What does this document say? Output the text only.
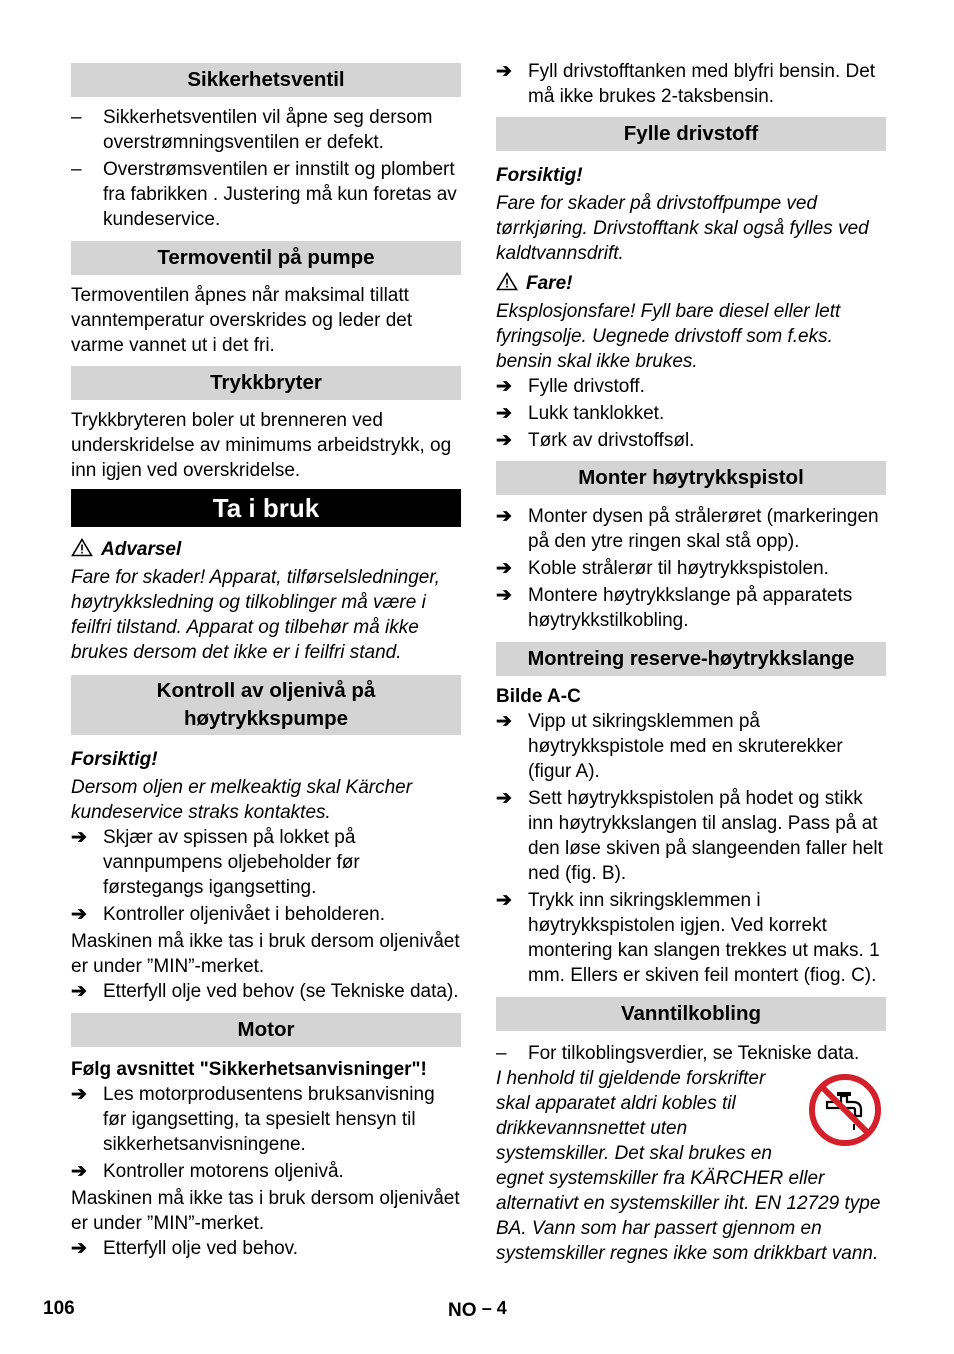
Sikkerhetsventil
– Sikkerhetsventilen vil åpne seg dersom overstrømningsventilen er defekt.
– Overstrømsventilen er innstilt og plombert fra fabrikken . Justering må kun foretas av kundeservice.
Termoventil på pumpe

Termoventilen åpnes når maksimal tillatt vanntemperatur overskrides og leder det varme vannet ut i det fri.

Trykkbryter

Trykkbryteren boler ut brenneren ved underskridelse av minimums arbeidstrykk, og inn igjen ved overskridelse.

Ta i bruk

Advarsel

Fare for skader! Apparat, tilførselsledninger, høytrykksledning og tilkoblinger må være i feilfri tilstand. Apparat og tilbehør må ikke brukes dersom det ikke er i feilfri stand.

Kontroll av oljenivå på
høytrykkspumpe

Forsiktig!

Dersom oljen er melkeaktig skal Kärcher kundeservice straks kontaktes.

➔ Skjær av spissen på lokket på vannpumpens oljebeholder før førstegangs igangsetting.
➔ Kontroller oljenivået i beholderen.

Maskinen må ikke tas i bruk dersom oljenivået er under ”MIN”-merket.

➔ Etterfyll olje ved behov (se Tekniske data).
Motor

Følg avsnittet "Sikkerhetsanvisninger"!

➔ Les motorprodusentens bruksanvisning før igangsetting, ta spesielt hensyn til sikkerhetsanvisningene.
➔ Kontroller motorens oljenivå.

Maskinen må ikke tas i bruk dersom oljenivået er under ”MIN”-merket.

➔ Etterfyll olje ved behov.
➔ Fyll drivstofftanken med blyfri bensin. Det må ikke brukes 2-taksbensin.
Fylle drivstoff

Forsiktig!

Fare for skader på drivstoffpumpe ved tørrkjøring. Drivstofftank skal også fylles ved kaldtvannsdrift.

Fare!

Eksplosjonsfare! Fyll bare diesel eller lett fyringsolje. Uegnede drivstoff som f.eks. bensin skal ikke brukes.

➔ Fylle drivstoff.
➔ Lukk tanklokket.
➔ Tørk av drivstoffsøl.
Monter høytrykkspistol
➔ Monter dysen på strålerøret (markeringen på den ytre ringen skal stå opp).
➔ Koble strålerør til høytrykkspistolen.
➔ Montere høytrykkslange på apparatets høytrykkstilkobling.
Montreing reserve-høytrykkslange

Bilde A-C

➔ Vipp ut sikringsklemmen på høytrykkspistole med en skruterekker (figur A).
➔ Sett høytrykkspistolen på hodet og stikk inn høytrykkslangen til anslag. Pass på at den løse skiven på slangeenden faller helt ned (fig. B).
➔ Trykk inn sikringsklemmen i høytrykkspistolen igjen. Ved korrekt montering kan slangen trekkes ut maks. 1 mm. Ellers er skiven feil montert (fiog. C).
Vanntilkobling
– For tilkoblingsverdier, se Tekniske data.

I henhold til gjeldende forskrifter skal apparatet aldri kobles til drikkevannsnettet uten systemskiller. Det skal brukes en egnet systemskiller fra KÄRCHER eller alternativt en systemskiller iht. EN 12729 type BA. Vann som har passert gjennom en systemskiller regnes ikke som drikkbart vann.

106	NO – 4
